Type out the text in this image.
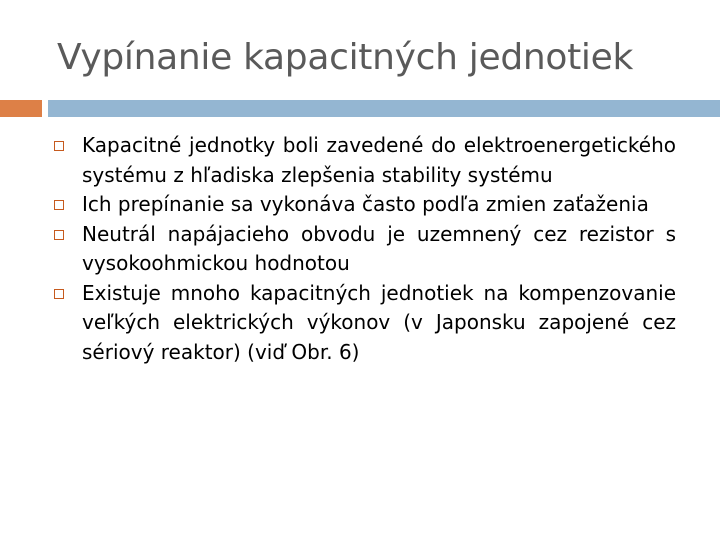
Vypínanie kapacitných jednotiek
Kapacitné jednotky boli zavedené do elektroenergetického systému z hľadiska zlepšenia stability systému
Ich prepínanie sa vykonáva často podľa zmien zaťaženia
Neutrál napájacieho obvodu je uzemnený cez rezistor s vysokoohmickou hodnotou
Existuje mnoho kapacitných jednotiek na kompenzovanie veľkých elektrických výkonov (v Japonsku zapojené cez sériový reaktor) (viď Obr. 6)
